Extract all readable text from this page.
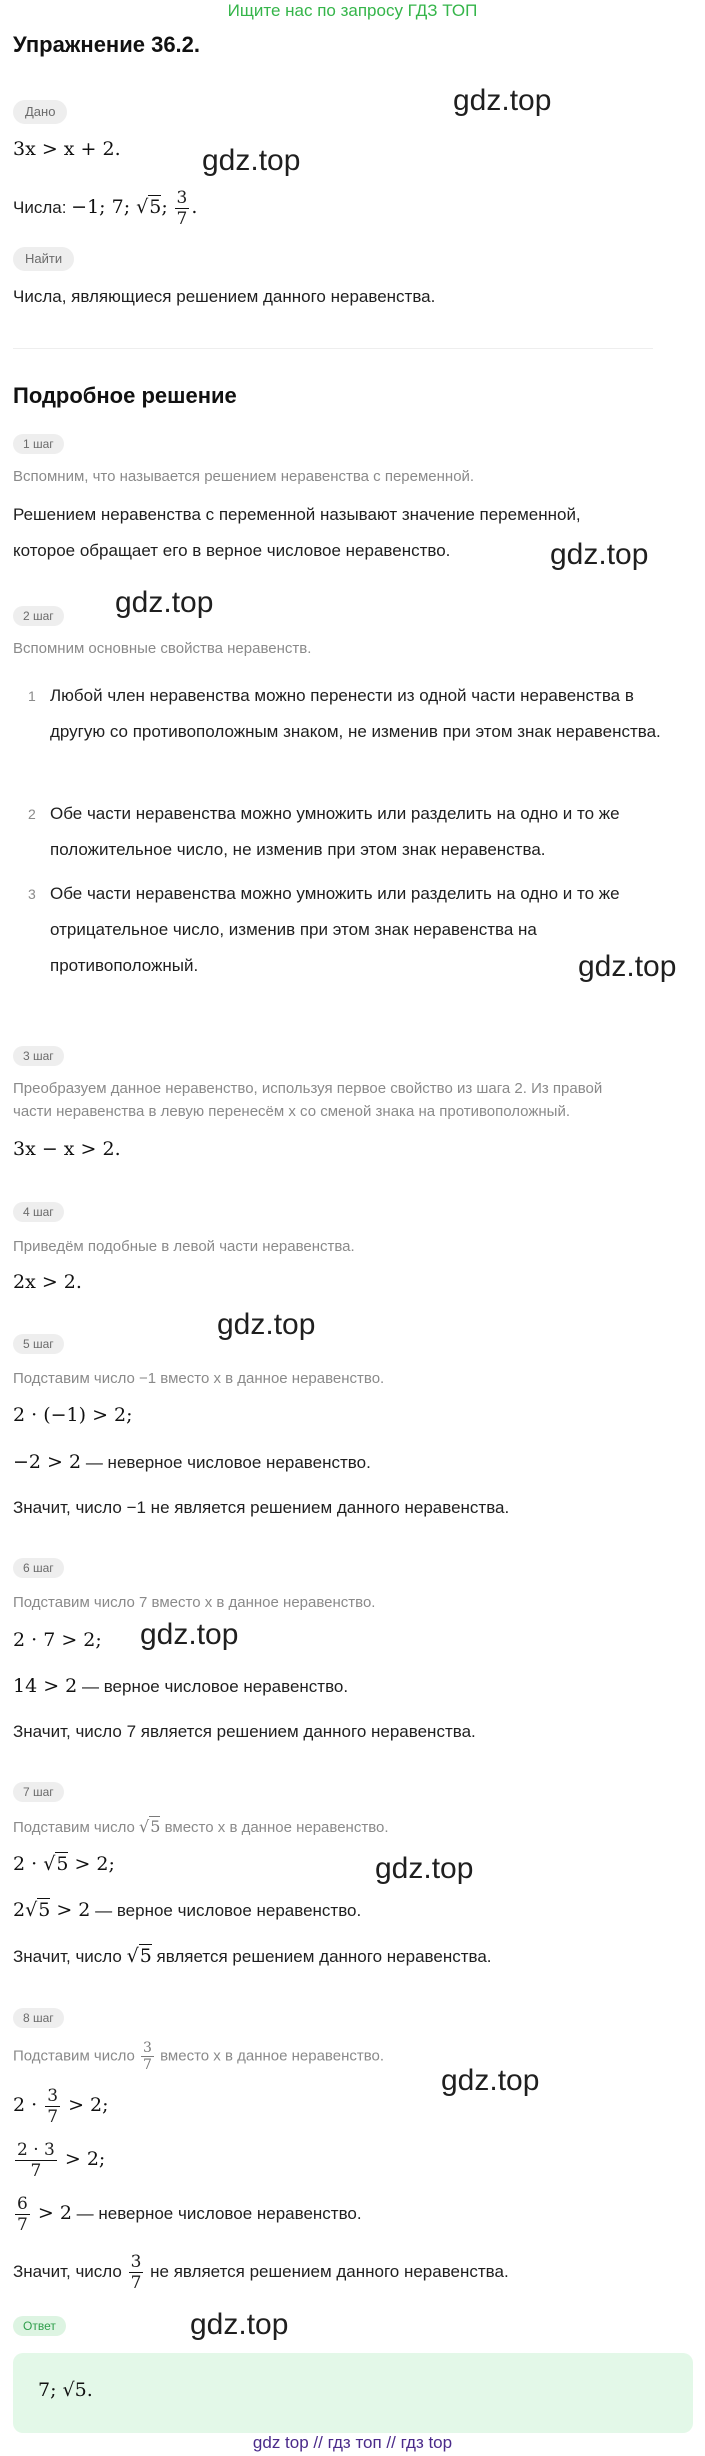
Ищите нас по запросу ГДЗ ТОП
Упражнение 36.2.
Дано
3x > x + 2.
Числа: −1; 7; √5; $\frac{3}{7}$ .
Найти
Числа, являющиеся решением данного неравенства.
Подробное решение
1 шаг
Вспомним, что называется решением неравенства с переменной.
Решением неравенства с переменной называют значение переменной,
которое обращает его в верное числовое неравенство.
2 шаг
Вспомним основные свойства неравенств.
1 Любой член неравенства можно перенести из одной части неравенства в другую со противоположным знаком, не изменив при этом знак неравенства.
2 Обе части неравенства можно умножить или разделить на одно и то же положительное число, не изменив при этом знак неравенства.
3 Обе части неравенства можно умножить или разделить на одно и то же отрицательное число, изменив при этом знак неравенства на противоположный.
3 шаг
Преобразуем данное неравенство, используя первое свойство из шага 2. Из правой
части неравенства в левую перенесём x со сменой знака на противоположный.
3x − x > 2.
4 шаг
Приведём подобные в левой части неравенства.
2x > 2.
5 шаг
Подставим число −1 вместо x в данное неравенство.
2 · (−1) > 2;
−2 > 2 — неверное числовое неравенство.
Значит, число −1 не является решением данного неравенства.
6 шаг
Подставим число 7 вместо x в данное неравенство.
2 · 7 > 2;
14 > 2 — верное числовое неравенство.
Значит, число 7 является решением данного неравенства.
7 шаг
Подставим число √5 вместо x в данное неравенство.
2 · √5 > 2;
2√5 > 2 — верное числовое неравенство.
Значит, число √5 является решением данного неравенства.
8 шаг
Подставим число $\frac{3}{7}$ вместо x в данное неравенство.
$2 \cdot \frac{3}{7} > 2$;
$\frac{2 \cdot 3}{7} > 2$;
$\frac{6}{7} > 2$ — неверное числовое неравенство.
Значит, число $\frac{3}{7}$ не является решением данного неравенства.
Ответ
7; √5.
gdz top // гдз топ // гдз top
gdz.top
gdz.top
gdz.top
gdz.top
gdz.top
gdz.top
gdz.top
gdz.top
gdz.top
gdz.top
